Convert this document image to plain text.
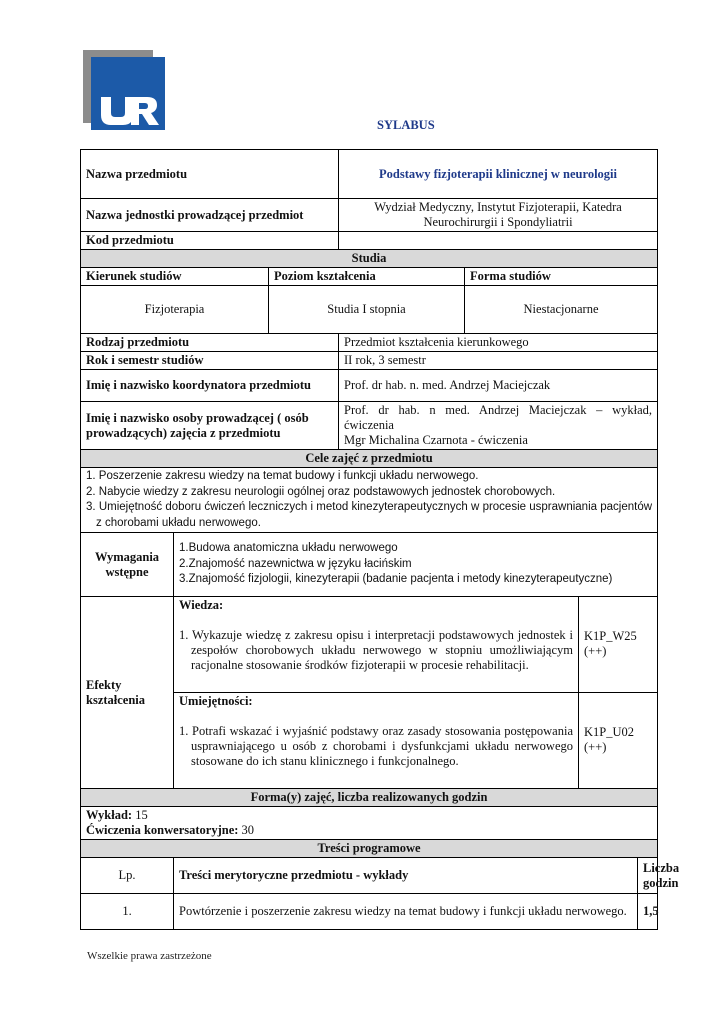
SYLABUS
Nazwa przedmiotu			Podstawy fizjoterapii klinicznej w neurologii			
Nazwa jednostki prowadzącej przedmiot			Wydział Medyczny, Instytut Fizjoterapii, Katedra Neurochirurgii i Spondyliatrii			
Kod przedmiotu						
Studia						
Kierunek studiów		Poziom kształcenia		Forma studiów		
Fizjoterapia		Studia I stopnia		Niestacjonarne		
Rodzaj przedmiotu			Przedmiot kształcenia kierunkowego			
Rok i semestr studiów			II rok, 3 semestr			
Imię i nazwisko koordynatora przedmiotu			Prof. dr hab. n. med. Andrzej Maciejczak			
Imię i nazwisko osoby prowadzącej ( osób prowadzących) zajęcia z przedmiotu			Prof. dr hab. n med. Andrzej Maciejczak – wykład, ćwiczenia
Mgr Michalina Czarnota - ćwiczenia			

Cele zajęć z przedmiotu						

1. Poszerzenie zakresu wiedzy na temat budowy i funkcji układu nerwowego.
2. Nabycie wiedzy z zakresu neurologii ogólnej oraz podstawowych jednostek chorobowych.
3. Umiejętność doboru ćwiczeń leczniczych i metod kinezyterapeutycznych w procesie usprawniania pacjentów z chorobami układu nerwowego.						

Wymagania wstępne	1.Budowa anatomiczna układu nerwowego
2.Znajomość nazewnictwa w języku łacińskim
3.Znajomość fizjologii, kinezyterapii (badanie pacjenta i metody kinezyterapeutyczne)					

Efekty kształcenia	Wiedza:
1. Wykazuje wiedzę z zakresu opisu i interpretacji podstawowych jednostek i zespołów chorobowych układu nerwowego w stopniu umożliwiającym racjonalne stosowanie środków fizjoterapii w procesie rehabilitacji.				K1P_W25 (++)	

	Umiejętności:
1. Potrafi wskazać i wyjaśnić podstawy oraz zasady stosowania postępowania usprawniającego u osób z chorobami i dysfunkcjami układu nerwowego stosowane do ich stanu klinicznego i funkcjonalnego.				K1P_U02 (++)	
Forma(y) zajęć, liczba realizowanych godzin						

Wykład: 15
Ćwiczenia konwersatoryjne: 30						

Treści programowe						
Lp.	Treści merytoryczne przedmiotu - wykłady					Liczba godzin
1.	Powtórzenie i poszerzenie zakresu wiedzy na temat budowy i funkcji układu nerwowego.					1,5
Wszelkie prawa zastrzeżone
